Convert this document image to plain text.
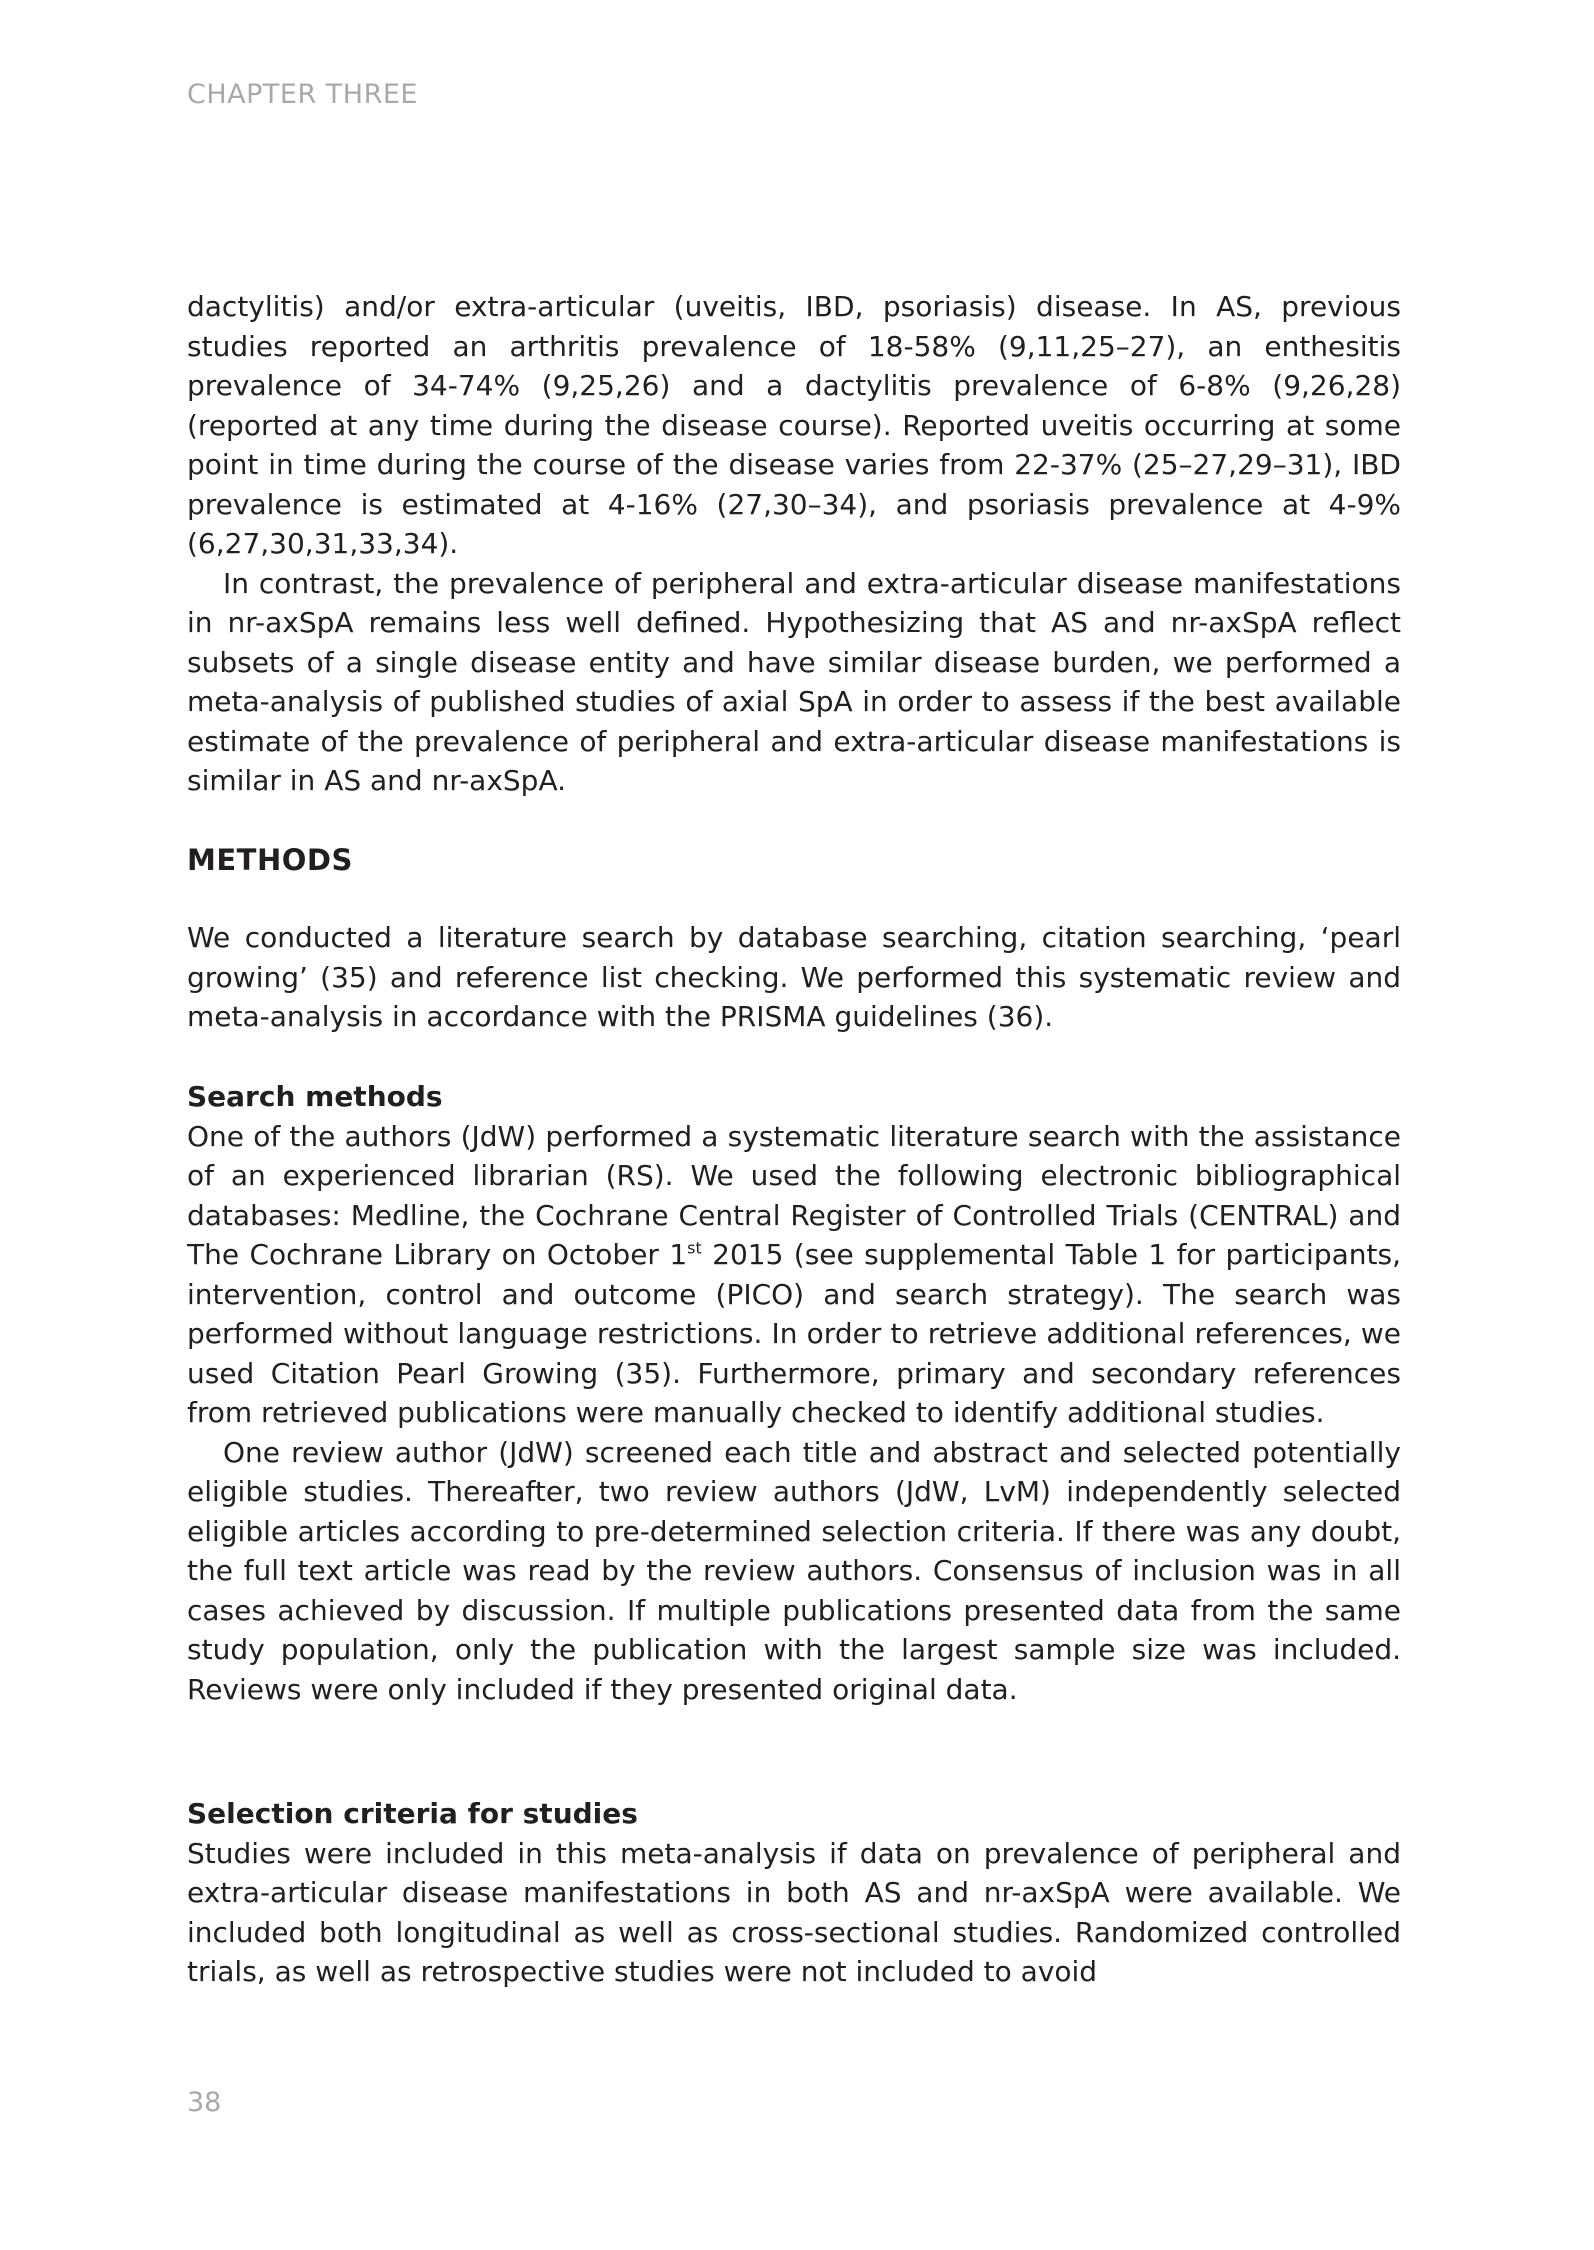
CHAPTER THREE

dactylitis) and/or extra-articular (uveitis, IBD, psoriasis) disease. In AS, previous studies reported an arthritis prevalence of 18-58% (9,11,25–27), an enthesitis prevalence of 34-74% (9,25,26) and a dactylitis prevalence of 6-8% (9,26,28) (reported at any time during the disease course). Reported uveitis occurring at some point in time during the course of the disease varies from 22-37% (25–27,29–31), IBD prevalence is estimated at 4-16% (27,30–34), and psoriasis prevalence at 4-9% (6,27,30,31,33,34).

In contrast, the prevalence of peripheral and extra-articular disease manifestations in nr-axSpA remains less well defined. Hypothesizing that AS and nr-axSpA reflect subsets of a single disease entity and have similar disease burden, we performed a meta-analysis of published studies of axial SpA in order to assess if the best available estimate of the prevalence of peripheral and extra-articular disease manifestations is similar in AS and nr-axSpA.

METHODS

We conducted a literature search by database searching, citation searching, ‘pearl growing’ (35) and reference list checking. We performed this systematic review and meta-analysis in accordance with the PRISMA guidelines (36).

Search methods

One of the authors (JdW) performed a systematic literature search with the assistance of an experienced librarian (RS). We used the following electronic bibliographical databases: Medline, the Cochrane Central Register of Controlled Trials (CENTRAL) and The Cochrane Library on October 1st 2015 (see supplemental Table 1 for participants, intervention, control and outcome (PICO) and search strategy). The search was performed without language restrictions. In order to retrieve additional references, we used Citation Pearl Growing (35). Furthermore, primary and secondary references from retrieved publications were manually checked to identify additional studies.

One review author (JdW) screened each title and abstract and selected potentially eligible studies. Thereafter, two review authors (JdW, LvM) independently selected eligible articles according to pre-determined selection criteria. If there was any doubt, the full text article was read by the review authors. Consensus of inclusion was in all cases achieved by discussion. If multiple publications presented data from the same study population, only the publication with the largest sample size was included. Reviews were only included if they presented original data.

Selection criteria for studies

Studies were included in this meta-analysis if data on prevalence of peripheral and extra-articular disease manifestations in both AS and nr-axSpA were available. We included both longitudinal as well as cross-sectional studies. Randomized controlled trials, as well as retrospective studies were not included to avoid

38
